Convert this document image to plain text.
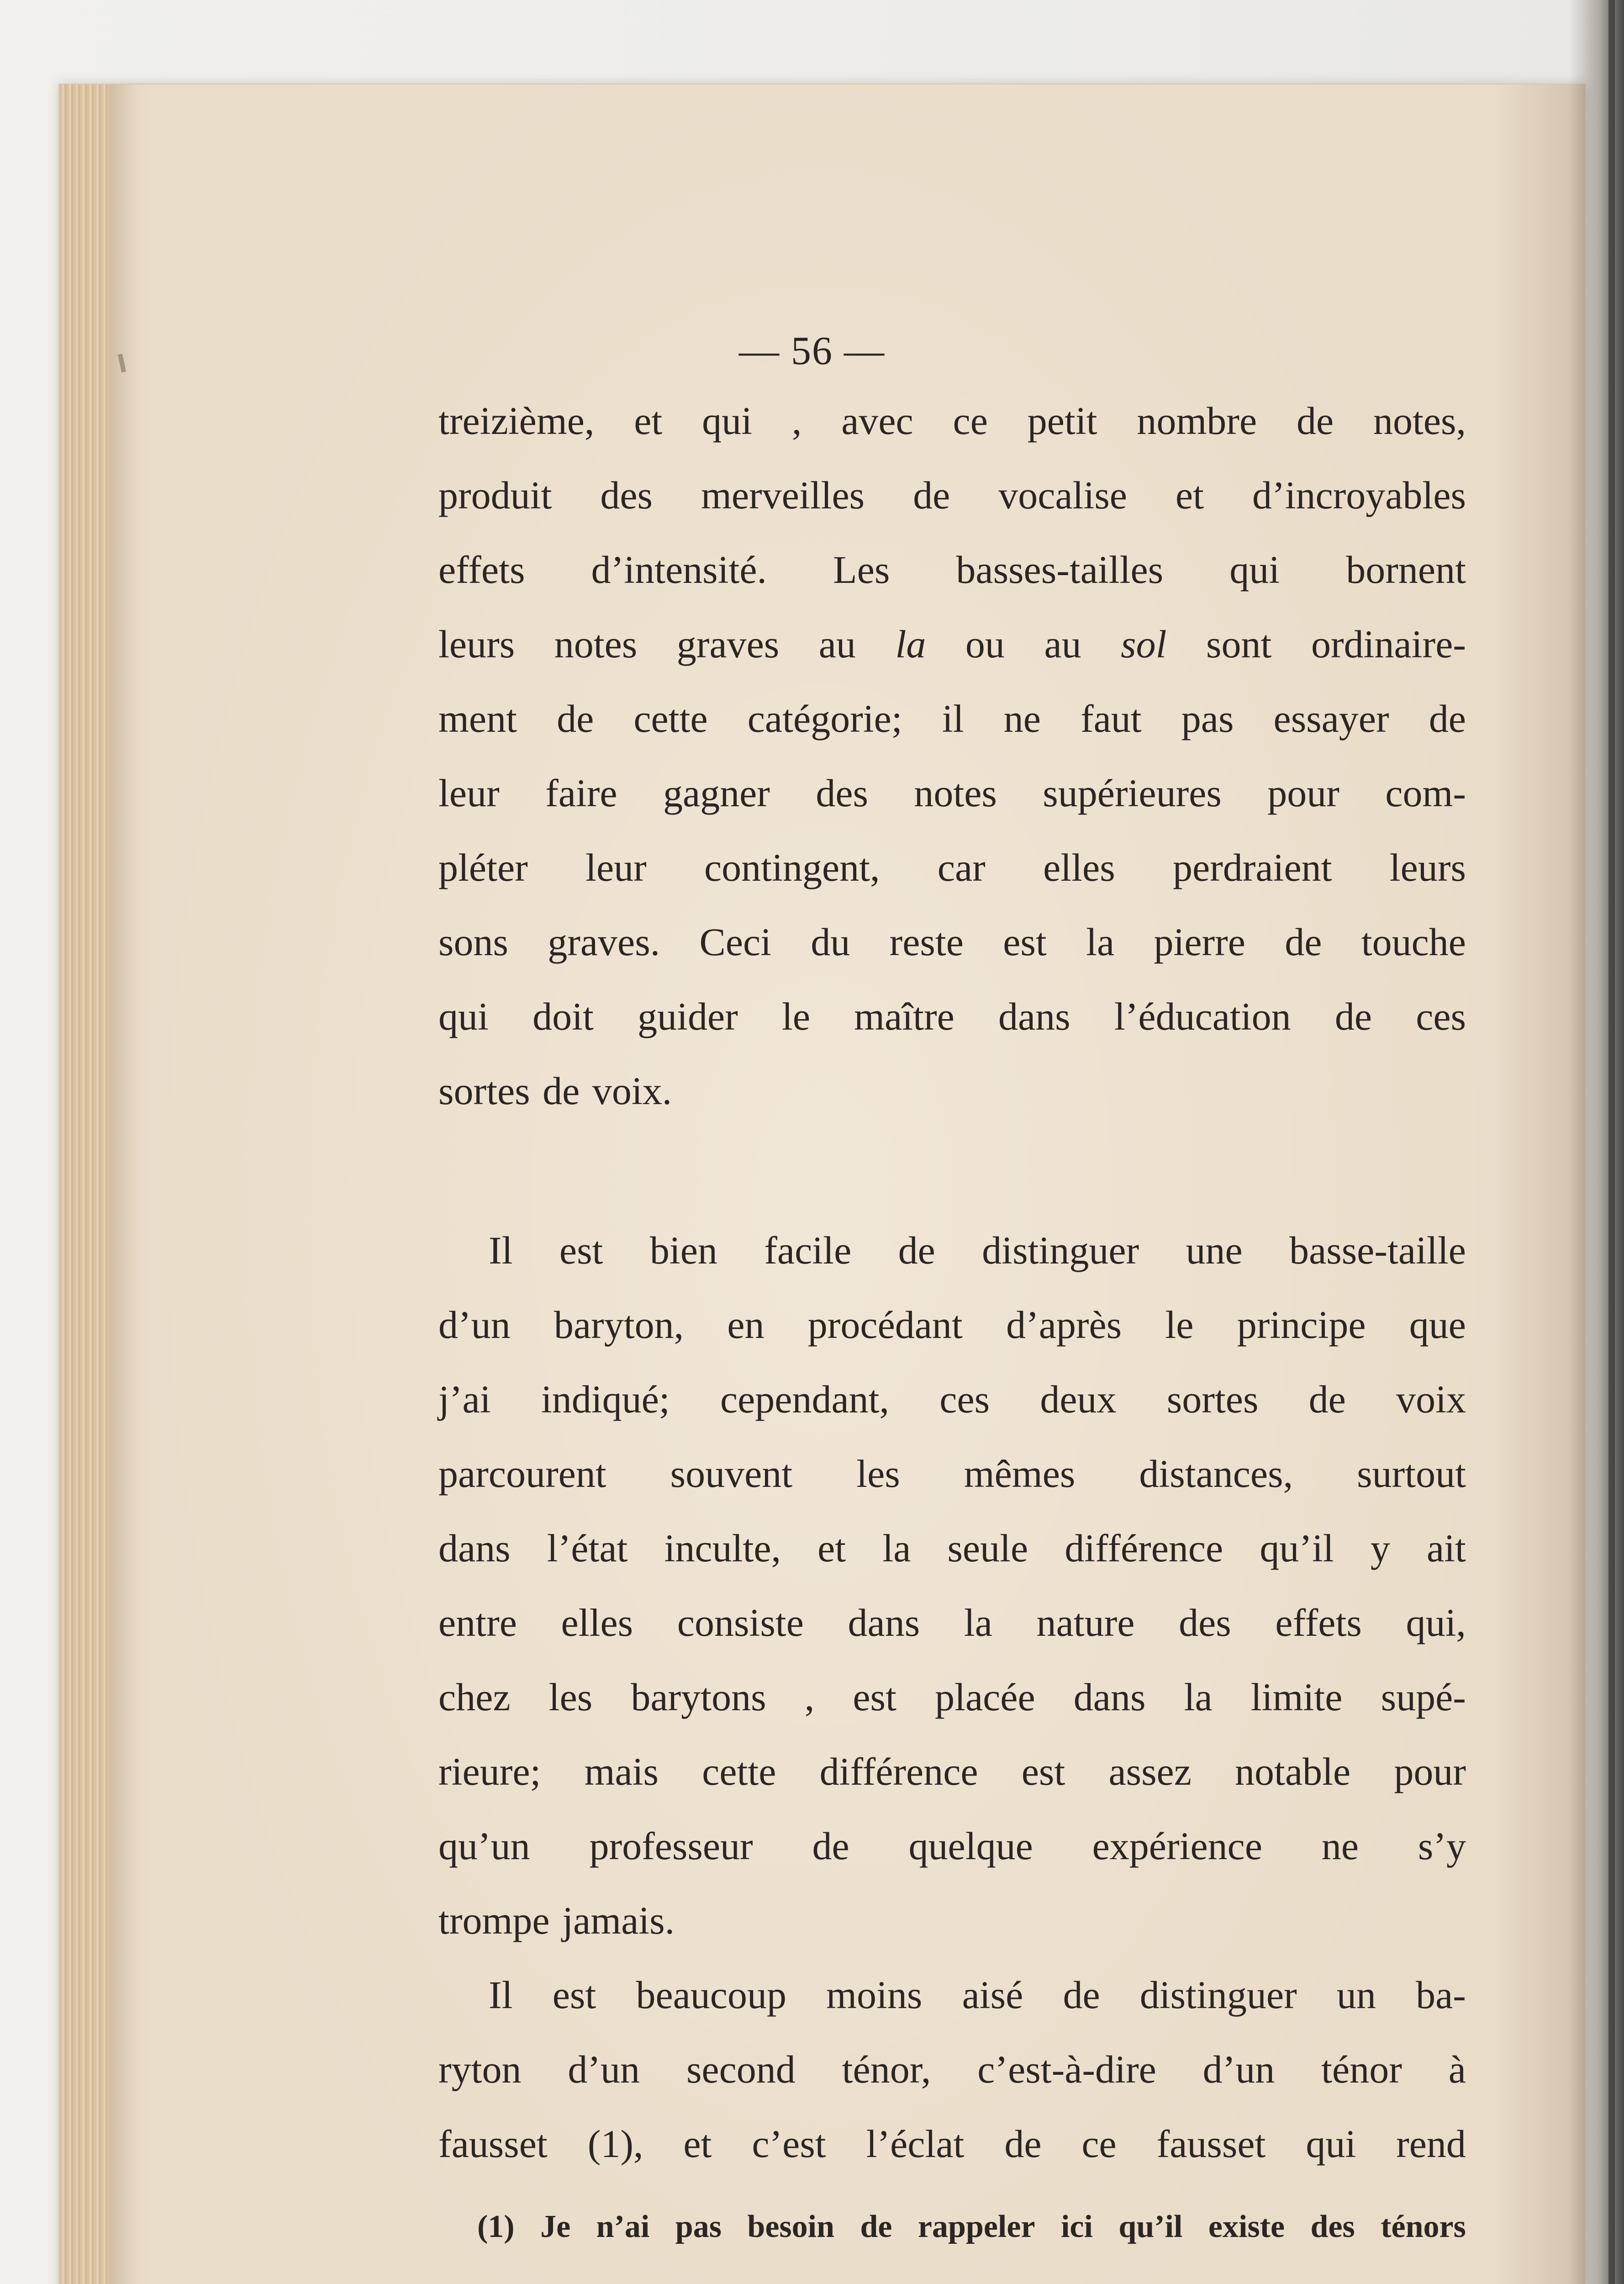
— 56 —
treizième, et qui , avec ce petit nombre de notes,
produit des merveilles de vocalise et d’incroyables
effets d’intensité. Les basses-tailles qui bornent
leurs notes graves au la ou au sol sont ordinaire-
ment de cette catégorie; il ne faut pas essayer de
leur faire gagner des notes supérieures pour com-
pléter leur contingent, car elles perdraient leurs
sons graves. Ceci du reste est la pierre de touche
qui doit guider le maître dans l’éducation de ces
sortes de voix.
Il est bien facile de distinguer une basse-taille
d’un baryton, en procédant d’après le principe que
j’ai indiqué; cependant, ces deux sortes de voix
parcourent souvent les mêmes distances, surtout
dans l’état inculte, et la seule différence qu’il y ait
entre elles consiste dans la nature des effets qui,
chez les barytons , est placée dans la limite supé-
rieure; mais cette différence est assez notable pour
qu’un professeur de quelque expérience ne s’y
trompe jamais.
Il est beaucoup moins aisé de distinguer un ba-
ryton d’un second ténor, c’est-à-dire d’un ténor à
fausset (1), et c’est l’éclat de ce fausset qui rend
(1) Je n’ai pas besoin de rappeler ici qu’il existe des ténors
